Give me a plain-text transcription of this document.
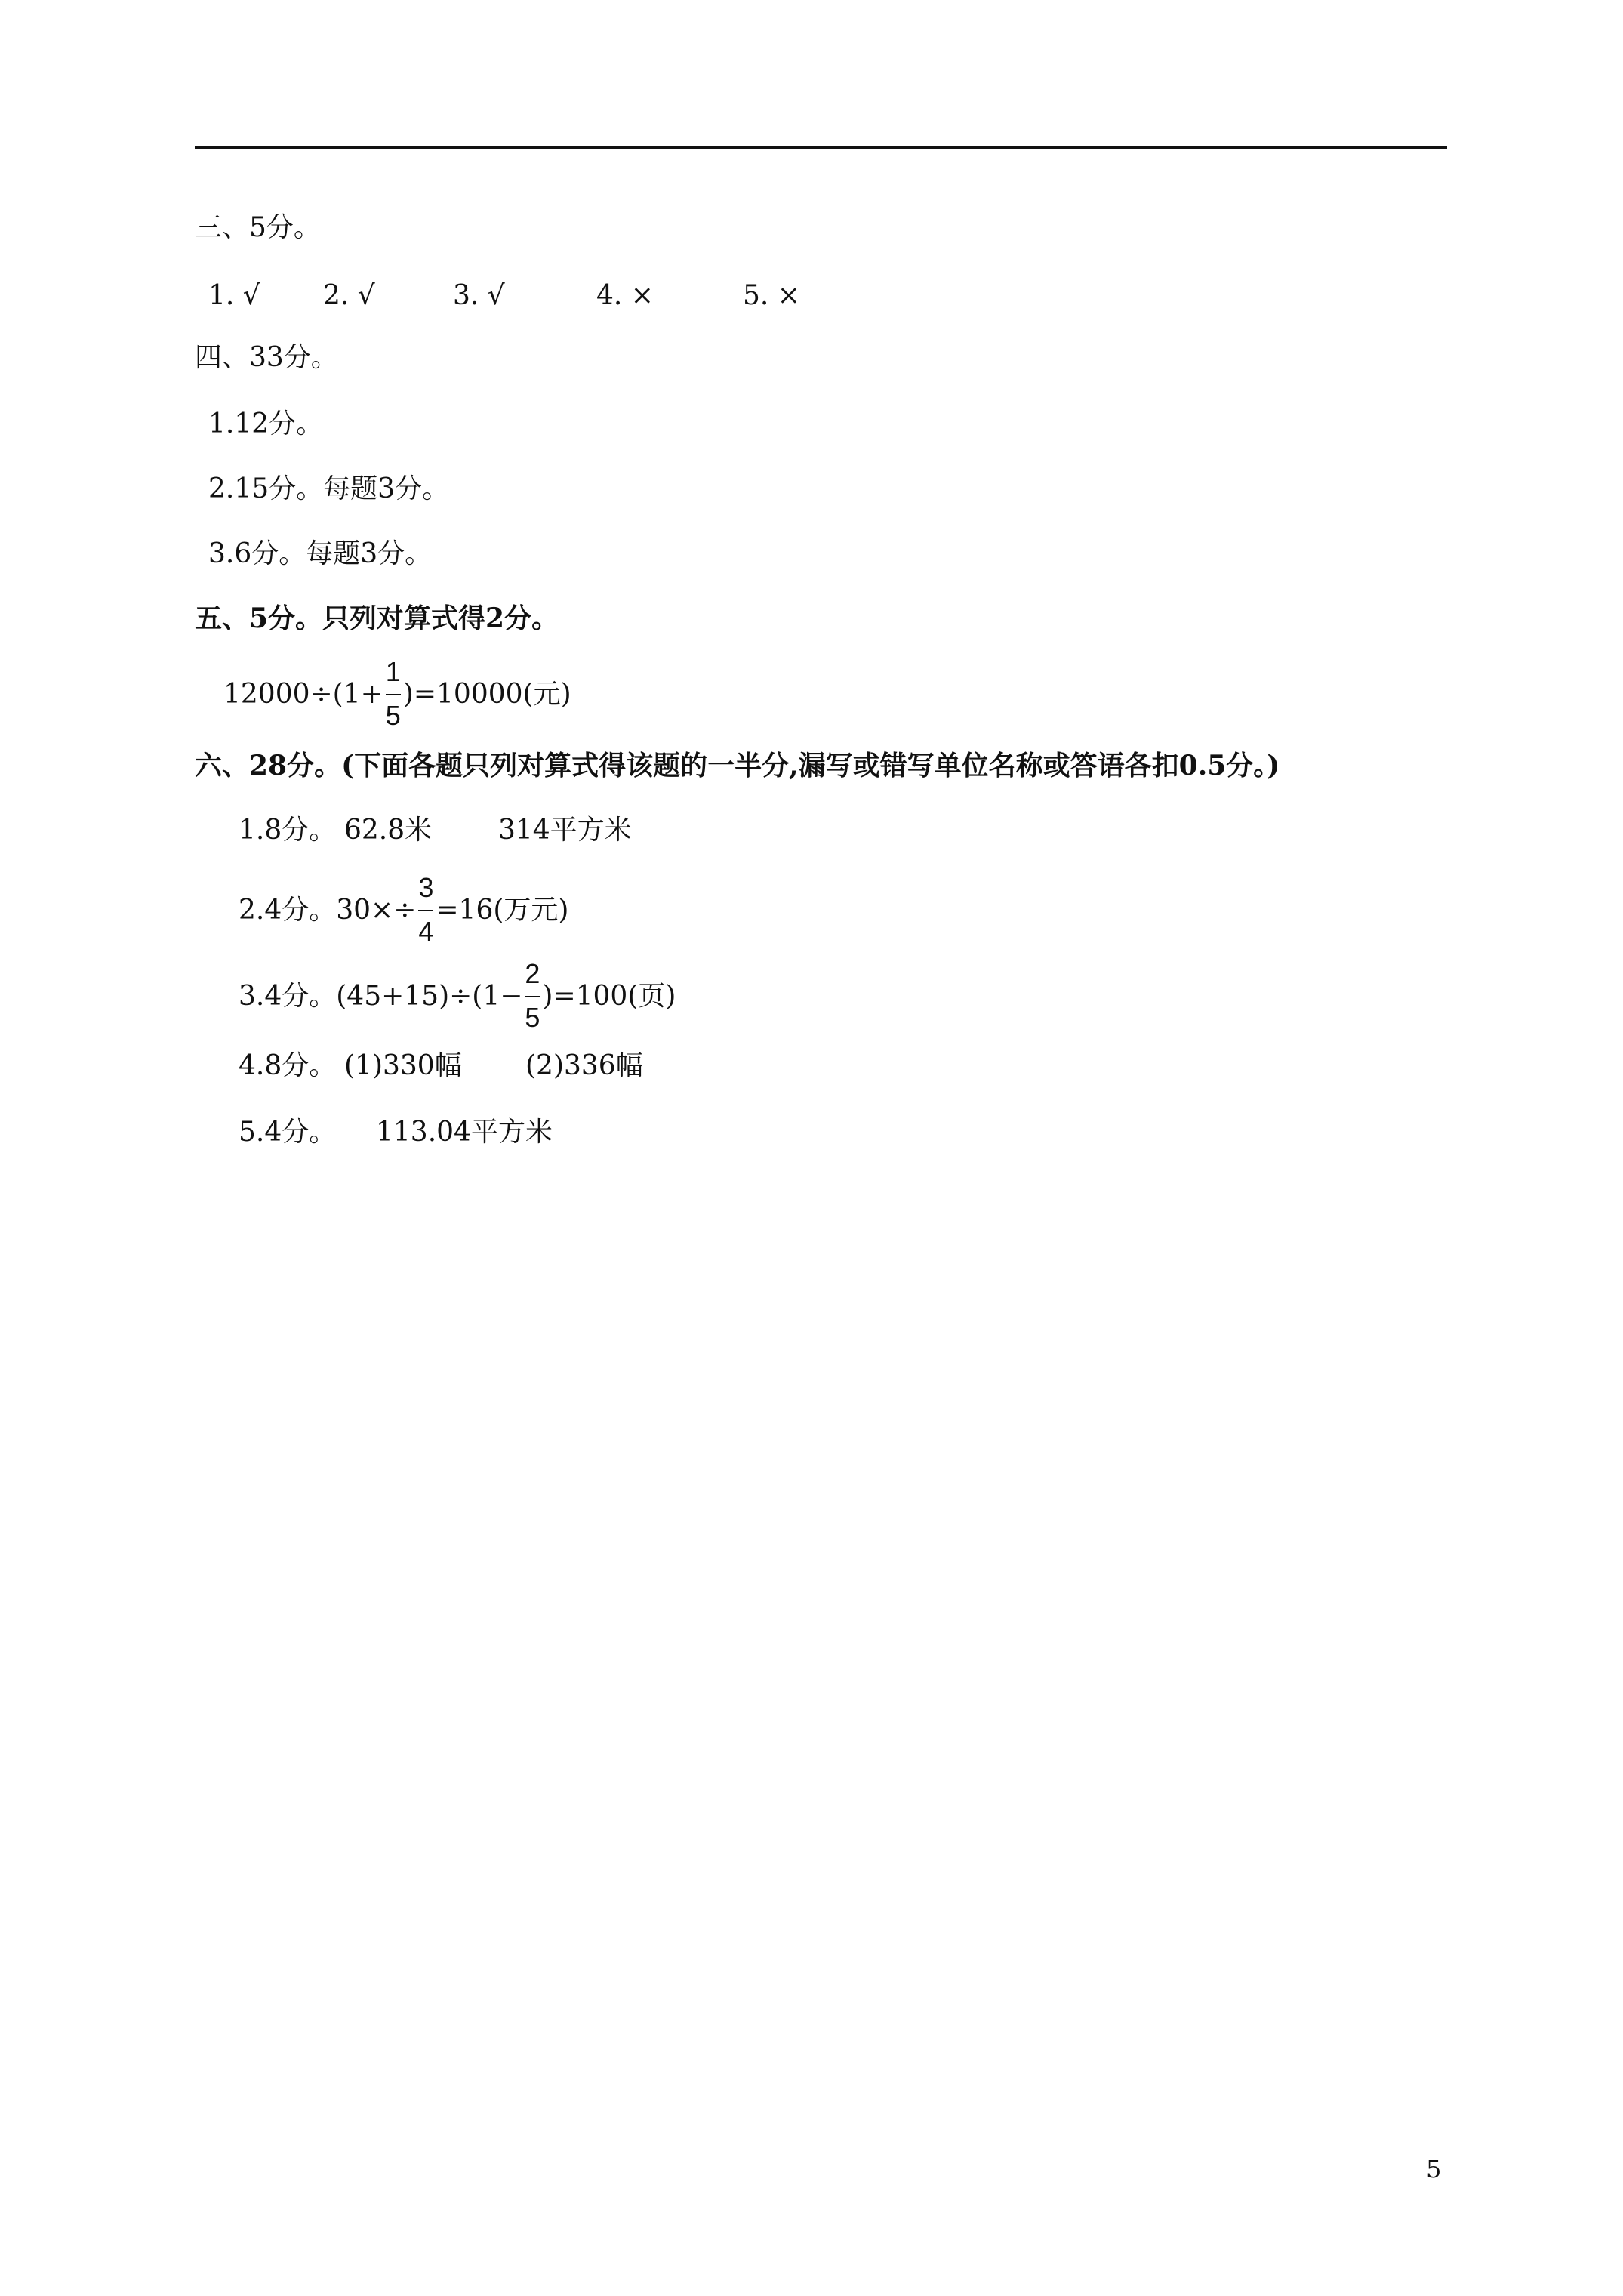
三、5分。
1. √ 2. √	3. √	4. ×	5. ×
四、33分。
1.12分。
2.15分。每题3分。
3.6分。每题3分。
五、5分。只列对算式得2分。
$12000\div(1+ \frac{1}{5} )=10000$(元)
六、28分。(下面各题只列对算式得该题的一半分,漏写或错写单位名称或答语各扣0.5分。)
1.8分。 62.8米 314平方米
2.4分。$30\times\div \frac{3}{4} =16$(万元)
3.4分。$(45+15)\div(1- \frac{2}{5} )=100$(页)
4.8分。 (1)330幅 (2)336幅
5.4分。 113.04平方米
5
